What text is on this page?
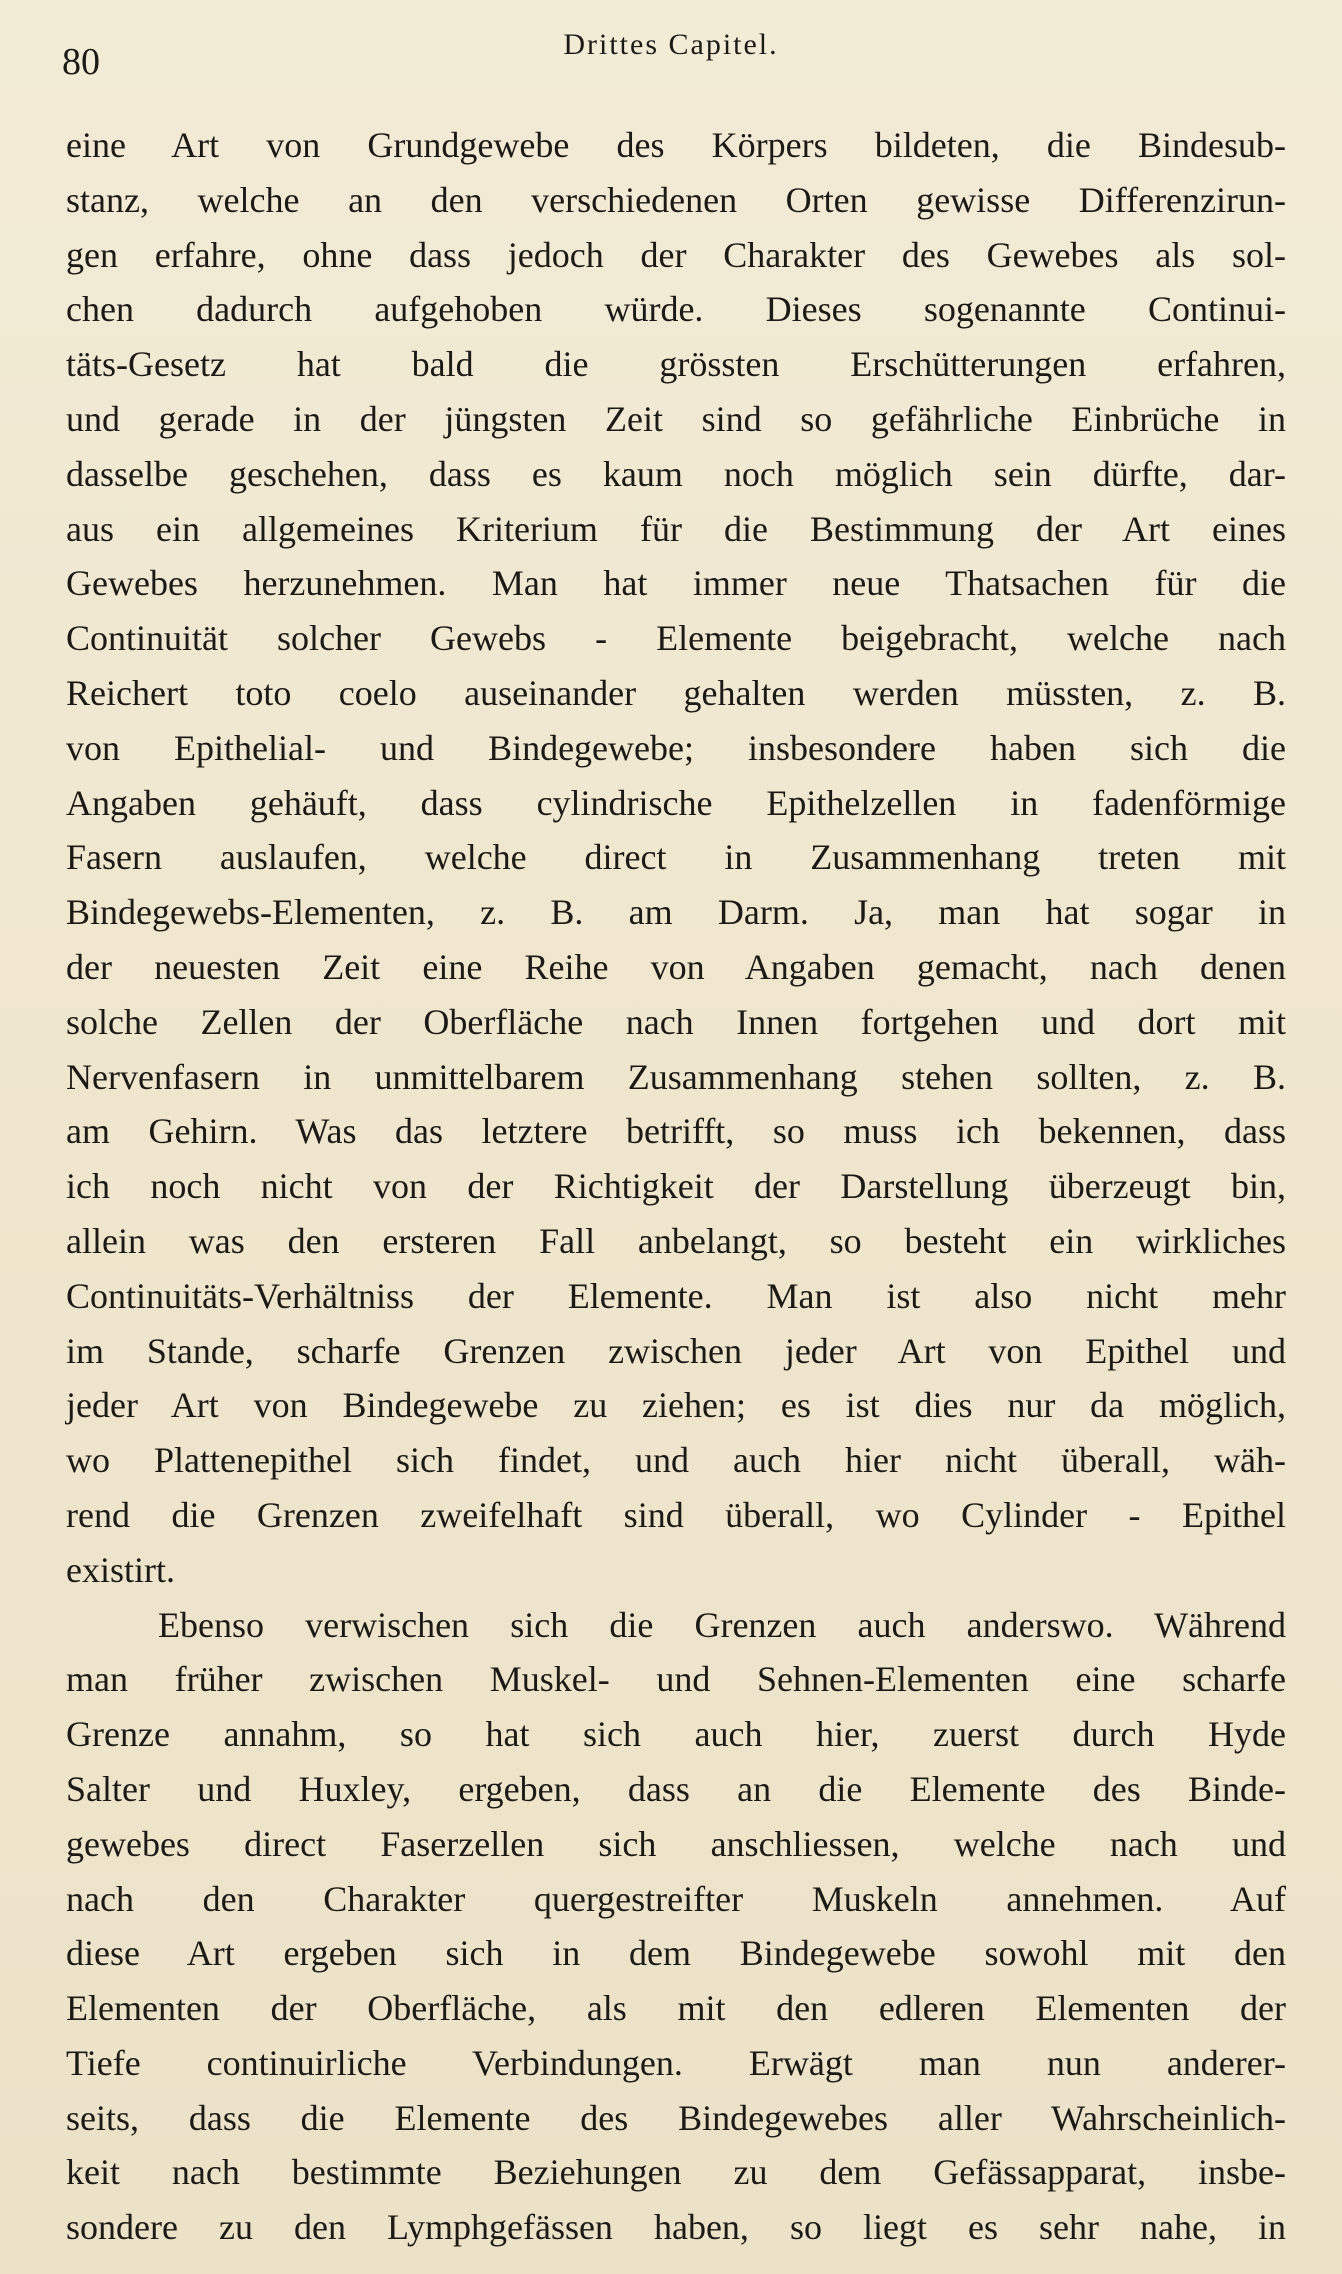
80	Drittes Capitel.
eine Art von Grundgewebe des Körpers bildeten, die Bindesub-
stanz, welche an den verschiedenen Orten gewisse Differenzirun-
gen erfahre, ohne dass jedoch der Charakter des Gewebes als sol-
chen dadurch aufgehoben würde. Dieses sogenannte Continui-
täts-Gesetz hat bald die grössten Erschütterungen erfahren,
und gerade in der jüngsten Zeit sind so gefährliche Einbrüche in
dasselbe geschehen, dass es kaum noch möglich sein dürfte, dar-
aus ein allgemeines Kriterium für die Bestimmung der Art eines
Gewebes herzunehmen. Man hat immer neue Thatsachen für die
Continuität solcher Gewebs - Elemente beigebracht, welche nach
Reichert toto coelo auseinander gehalten werden müssten, z. B.
von Epithelial- und Bindegewebe; insbesondere haben sich die
Angaben gehäuft, dass cylindrische Epithelzellen in fadenförmige
Fasern auslaufen, welche direct in Zusammenhang treten mit
Bindegewebs-Elementen, z. B. am Darm. Ja, man hat sogar in
der neuesten Zeit eine Reihe von Angaben gemacht, nach denen
solche Zellen der Oberfläche nach Innen fortgehen und dort mit
Nervenfasern in unmittelbarem Zusammenhang stehen sollten, z. B.
am Gehirn. Was das letztere betrifft, so muss ich bekennen, dass
ich noch nicht von der Richtigkeit der Darstellung überzeugt bin,
allein was den ersteren Fall anbelangt, so besteht ein wirkliches
Continuitäts-Verhältniss der Elemente. Man ist also nicht mehr
im Stande, scharfe Grenzen zwischen jeder Art von Epithel und
jeder Art von Bindegewebe zu ziehen; es ist dies nur da möglich,
wo Plattenepithel sich findet, und auch hier nicht überall, wäh-
rend die Grenzen zweifelhaft sind überall, wo Cylinder - Epithel
existirt.
Ebenso verwischen sich die Grenzen auch anderswo. Während
man früher zwischen Muskel- und Sehnen-Elementen eine scharfe
Grenze annahm, so hat sich auch hier, zuerst durch Hyde
Salter und Huxley, ergeben, dass an die Elemente des Binde-
gewebes direct Faserzellen sich anschliessen, welche nach und
nach den Charakter quergestreifter Muskeln annehmen. Auf
diese Art ergeben sich in dem Bindegewebe sowohl mit den
Elementen der Oberfläche, als mit den edleren Elementen der
Tiefe continuirliche Verbindungen. Erwägt man nun anderer-
seits, dass die Elemente des Bindegewebes aller Wahrscheinlich-
keit nach bestimmte Beziehungen zu dem Gefässapparat, insbe-
sondere zu den Lymphgefässen haben, so liegt es sehr nahe, in
